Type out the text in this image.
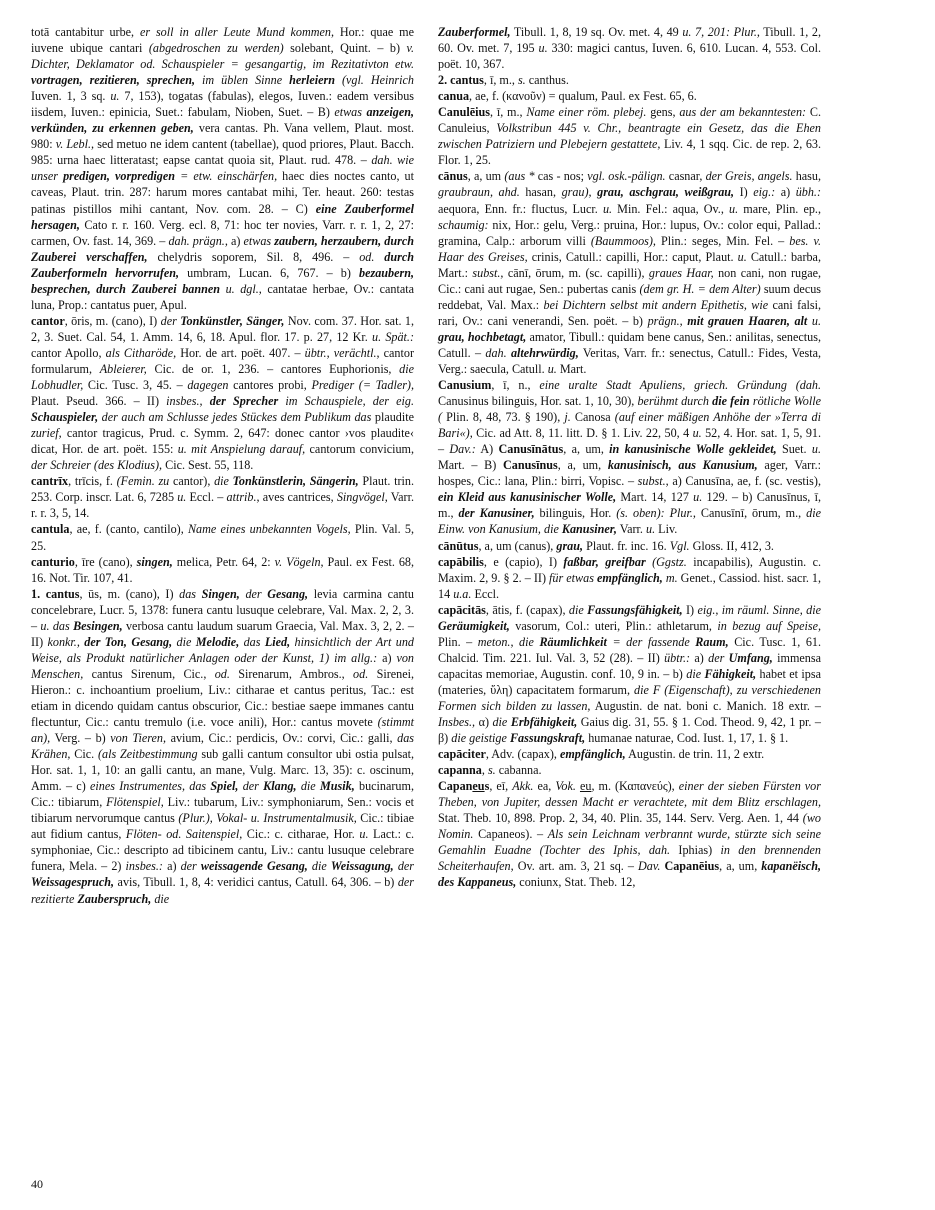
totā cantabitur urbe, er soll in aller Leute Mund kommen, Hor.: quae me iuvene ubique cantari (abgedroschen zu werden) solebant, Quint. – b) v. Dichter, Deklamator od. Schauspieler = gesangartig, im Rezitativton etw. vortragen, rezitieren, sprechen, im üblen Sinne herleiern (vgl. Heinrich Iuven. 1, 3 sq. u. 7, 153), togatas (fabulas), elegos, Iuven.: eadem versibus iisdem, Iuven.: epinicia, Suet.: fabulam, Nioben, Suet. – B) etwas anzeigen, verkünden, zu erkennen geben, vera cantas. Ph. Vana vellem, Plaut. most. 980: v. Lebl., sed metuo ne idem cantent (tabellae), quod priores, Plaut. Bacch. 985: urna haec litteratast; eapse cantat quoia sit, Plaut. rud. 478. – dah. wie unser predigen, vorpredigen = etw. einschärfen, haec dies noctes canto, ut caveas, Plaut. trin. 287: harum mores cantabat mihi, Ter. heaut. 260: testas patinas pistillos mihi cantant, Nov. com. 28. – C) eine Zauberformel hersagen, Cato r. r. 160. Verg. ecl. 8, 71: hoc ter novies, Varr. r. r. 1, 2, 27: carmen, Ov. fast. 14, 369. – dah. prägn., a) etwas zaubern, herzaubern, durch Zauberei verschaffen, chelydris soporem, Sil. 8, 496. – od. durch Zauberformeln hervorrufen, umbram, Lucan. 6, 767. – b) bezaubern, besprechen, durch Zauberei bannen u. dgl., cantatae herbae, Ov.: cantata luna, Prop.: cantatus puer, Apul.

cantor, ōris, m. (cano), I) der Tonkünstler, Sänger, Nov. com. 37. Hor. sat. 1, 2, 3. Suet. Cal. 54, 1. Amm. 14, 6, 18. Apul. flor. 17. p. 27, 12 Kr. u. Spät.: cantor Apollo, als Citharöde, Hor. de art. poët. 407. – übtr., verächtl., cantor formularum, Ableierer, Cic. de or. 1, 236. – cantores Euphorionis, die Lobhudler, Cic. Tusc. 3, 45. – dagegen cantores probi, Prediger (= Tadler), Plaut. Pseud. 366. – II) insbes., der Sprecher im Schauspiele, der eig. Schauspieler, der auch am Schlusse jedes Stückes dem Publikum das plaudite zurief, cantor tragicus, Prud. c. Symm. 2, 647: donec cantor ›vos plaudite‹ dicat, Hor. de art. poët. 155: u. mit Anspielung darauf, cantorum convicium, der Schreier (des Klodius), Cic. Sest. 55, 118.

cantrīx, trīcis, f. (Femin. zu cantor), die Tonkünstlerin, Sängerin, Plaut. trin. 253. Corp. inscr. Lat. 6, 7285 u. Eccl. – attrib., aves cantrices, Singvögel, Varr. r. r. 3, 5, 14.

cantula, ae, f. (canto, cantilo), Name eines unbekannten Vogels, Plin. Val. 5, 25.

canturio, īre (cano), singen, melica, Petr. 64, 2: v. Vögeln, Paul. ex Fest. 68, 16. Not. Tir. 107, 41.

1. cantus, ūs, m. (cano), I) das Singen, der Gesang, levia carmina cantu concelebrare, Lucr. 5, 1378: funera cantu lusuque celebrare, Val. Max. 2, 2, 3. – u. das Besingen, verbosa cantu laudum suarum Graecia, Val. Max. 3, 2, 2. – II) konkr., der Ton, Gesang, die Melodie, das Lied, hinsichtlich der Art und Weise, als Produkt natürlicher Anlagen oder der Kunst, 1) im allg.: a) von Menschen, cantus Sirenum, Cic., od. Sirenarum, Ambros., od. Sirenei, Hieron.: c. inchoantium proelium, Liv.: citharae et cantus peritus, Tac.: est etiam in dicendo quidam cantus obscurior, Cic.: bestiae saepe immanes cantu flectuntur, Cic.: cantu tremulo (i.e. voce anili), Hor.: cantus movete (stimmt an), Verg. – b) von Tieren, avium, Cic.: perdicis, Ov.: corvi, Cic.: galli, das Krähen, Cic. (als Zeitbestimmung sub galli cantum consultor ubi ostia pulsat, Hor. sat. 1, 1, 10: an galli cantu, an mane, Vulg. Marc. 13, 35): c. oscinum, Amm. – c) eines Instrumentes, das Spiel, der Klang, die Musik, bucinarum, Cic.: tibiarum, Flötenspiel, Liv.: tubarum, Liv.: symphoniarum, Sen.: vocis et tibiarum nervorumque cantus (Plur.), Vokal- u. Instrumentalmusik, Cic.: tibiae aut fidium cantus, Flöten- od. Saitenspiel, Cic.: c. citharae, Hor. u. Lact.: c. symphoniae, Cic.: descripto ad tibicinem cantu, Liv.: cantu lusuque celebrare funera, Mela. – 2) insbes.: a) der weissagende Gesang, die Weissagung, der Weissagespruch, avis, Tibull. 1, 8, 4: veridici cantus, Catull. 64, 306. – b) der rezitierte Zauberspruch, die

Zauberformel, Tibull. 1, 8, 19 sq. Ov. met. 4, 49 u. 7, 201: Plur., Tibull. 1, 2, 60. Ov. met. 7, 195 u. 330: magici cantus, Iuven. 6, 610. Lucan. 4, 553. Col. poët. 10, 367.

2. cantus, ī, m., s. canthus.

canua, ae, f. (κανοῦν) = qualum, Paul. ex Fest. 65, 6.

Canulēius, ī, m., Name einer röm. plebej. gens, aus der am bekanntesten: C. Canuleius, Volkstribun 445 v. Chr., beantragte ein Gesetz, das die Ehen zwischen Patriziern und Plebejern gestattete, Liv. 4, 1 sqq. Cic. de rep. 2, 63. Flor. 1, 25.

cānus, a, um (aus * cas - nos; vgl. osk.-pälign. casnar, der Greis, angels. hasu, graubraun, ahd. hasan, grau), grau, aschgrau, weißgrau, I) eig.: a) übh.: aequora, Enn. fr.: fluctus, Lucr. u. Min. Fel.: aqua, Ov., u. mare, Plin. ep., schaumig: nix, Hor.: gelu, Verg.: pruina, Hor.: lupus, Ov.: color equi, Pallad.: gramina, Calp.: arborum villi (Baummoos), Plin.: seges, Min. Fel. – bes. v. Haar des Greises, crinis, Catull.: capilli, Hor.: caput, Plaut. u. Catull.: barba, Mart.: subst., cānī, ōrum, m. (sc. capilli), graues Haar, non cani, non rugae, Cic.: cani aut rugae, Sen.: pubertas canis (dem gr. H. = dem Alter) suum decus reddebat, Val. Max.: bei Dichtern selbst mit andern Epithetis, wie cani falsi, rari, Ov.: cani venerandi, Sen. poët. – b) prägn., mit grauen Haaren, alt u. grau, hochbetagt, amator, Tibull.: quidam bene canus, Sen.: anilitas, senectus, Catull. – dah. altehrwürdig, Veritas, Varr. fr.: senectus, Catull.: Fides, Vesta, Verg.: saecula, Catull. u. Mart.

Canusium, ī, n., eine uralte Stadt Apuliens, griech. Gründung (dah. Canusinus bilinguis, Hor. sat. 1, 10, 30), berühmt durch die fein rötliche Wolle ( Plin. 8, 48, 73. § 190), j. Canosa (auf einer mäßigen Anhöhe der »Terra di Bari«), Cic. ad Att. 8, 11. litt. D. § 1. Liv. 22, 50, 4 u. 52, 4. Hor. sat. 1, 5, 91. – Dav.: A) Canusīnātus, a, um, in kanusinische Wolle gekleidet, Suet. u. Mart. – B) Canusīnus, a, um, kanusinisch, aus Kanusium, ager, Varr.: hospes, Cic.: lana, Plin.: birri, Vopisc. – subst., a) Canusīna, ae, f. (sc. vestis), ein Kleid aus kanusinischer Wolle, Mart. 14, 127 u. 129. – b) Canusīnus, ī, m., der Kanusiner, bilinguis, Hor. (s. oben): Plur., Canusīnī, ōrum, m., die Einw. von Kanusium, die Kanusiner, Varr. u. Liv.

cānūtus, a, um (canus), grau, Plaut. fr. inc. 16. Vgl. Gloss. II, 412, 3.

capābilis, e (capio), I) faßbar, greifbar (Ggstz. incapabilis), Augustin. c. Maxim. 2, 9. § 2. – II) für etwas empfänglich, m. Genet., Cassiod. hist. sacr. 1, 14 u.a. Eccl.

capācitās, ātis, f. (capax), die Fassungsfähigkeit, I) eig., im räuml. Sinne, die Geräumigkeit, vasorum, Col.: uteri, Plin.: athletarum, in bezug auf Speise, Plin. – meton., die Räumlichkeit = der fassende Raum, Cic. Tusc. 1, 61. Chalcid. Tim. 221. Iul. Val. 3, 52 (28). – II) übtr.: a) der Umfang, immensa capacitas memoriae, Augustin. conf. 10, 9 in. – b) die Fähigkeit, habet et ipsa (materies, ὕλη) capacitatem formarum, die F (Eigenschaft), zu verschiedenen Formen sich bilden zu lassen, Augustin. de nat. boni c. Manich. 18 extr. – Insbes., α) die Erbfähigkeit, Gaius dig. 31, 55. § 1. Cod. Theod. 9, 42, 1 pr. – β) die geistige Fassungskraft, humanae naturae, Cod. Iust. 1, 17, 1. § 1.

capāciter, Adv. (capax), empfänglich, Augustin. de trin. 11, 2 extr.

capanna, s. cabanna.

Capaneus, eī, Akk. ea, Vok. eu, m. (Καπανεύς), einer der sieben Fürsten vor Theben, von Jupiter, dessen Macht er verachtete, mit dem Blitz erschlagen, Stat. Theb. 10, 898. Prop. 2, 34, 40. Plin. 35, 144. Serv. Verg. Aen. 1, 44 (wo Nomin. Capaneos). – Als sein Leichnam verbrannt wurde, stürzte sich seine Gemahlin Euadne (Tochter des Iphis, dah. Iphias) in den brennenden Scheiterhaufen, Ov. art. am. 3, 21 sq. – Dav. Capanēius, a, um, kapanëisch, des Kappaneus, coniunx, Stat. Theb. 12,

40
